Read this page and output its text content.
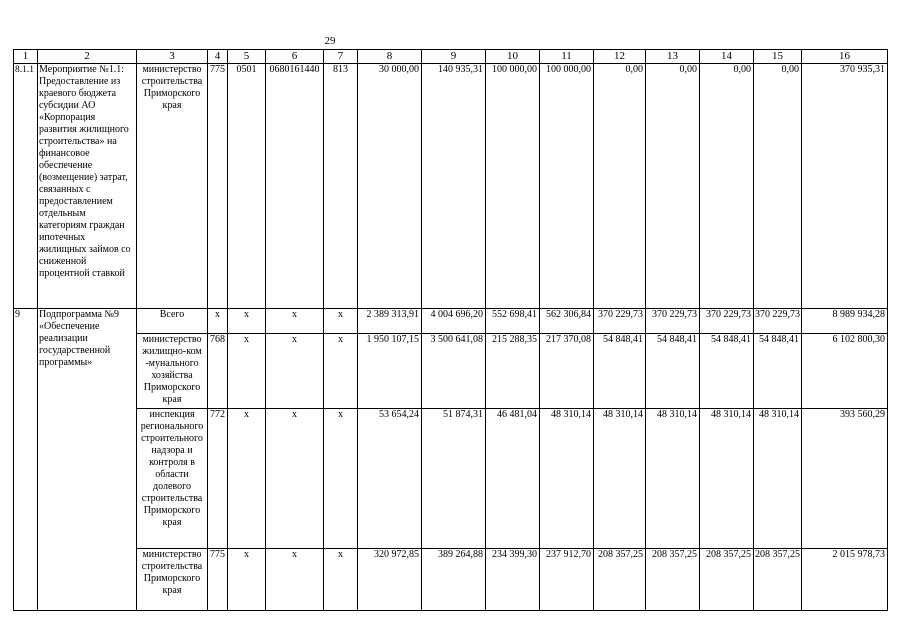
29
1	2	3	4	5	6	7	8	9	10	11	12	13	14	15	16
8.1.1	Мероприятие №1.1: Предоставление из краевого бюджета субсидии АО «Корпорация развития жилищного строительства» на финансовое обеспечение (возмещение) затрат, связанных с предоставлением отдельным категориям граждан ипотечных жилищных займов со сниженной процентной ставкой	министерство строительства Приморского края	775	0501	0680161440	813	30 000,00	140 935,31	100 000,00	100 000,00	0,00	0,00	0,00	0,00	370 935,31
9	Подпрограмма №9 «Обеспечение реализации государственной программы»	Всего	x	x	x	x	2 389 313,91	4 004 696,20	552 698,41	562 306,84	370 229,73	370 229,73	370 229,73	370 229,73	8 989 934,28
		министерство жилищно-ком -мунального хозяйства Приморского края	768	x	x	x	1 950 107,15	3 500 641,08	215 288,35	217 370,08	54 848,41	54 848,41	54 848,41	54 848,41	6 102 800,30
		инспекция регионального строительного надзора и контроля в области долевого строительства Приморского края	772	x	x	x	53 654,24	51 874,31	46 481,04	48 310,14	48 310,14	48 310,14	48 310,14	48 310,14	393 560,29
		министерство строительства Приморского края	775	x	x	x	320 972,85	389 264,88	234 399,30	237 912,70	208 357,25	208 357,25	208 357,25	208 357,25	2 015 978,73
